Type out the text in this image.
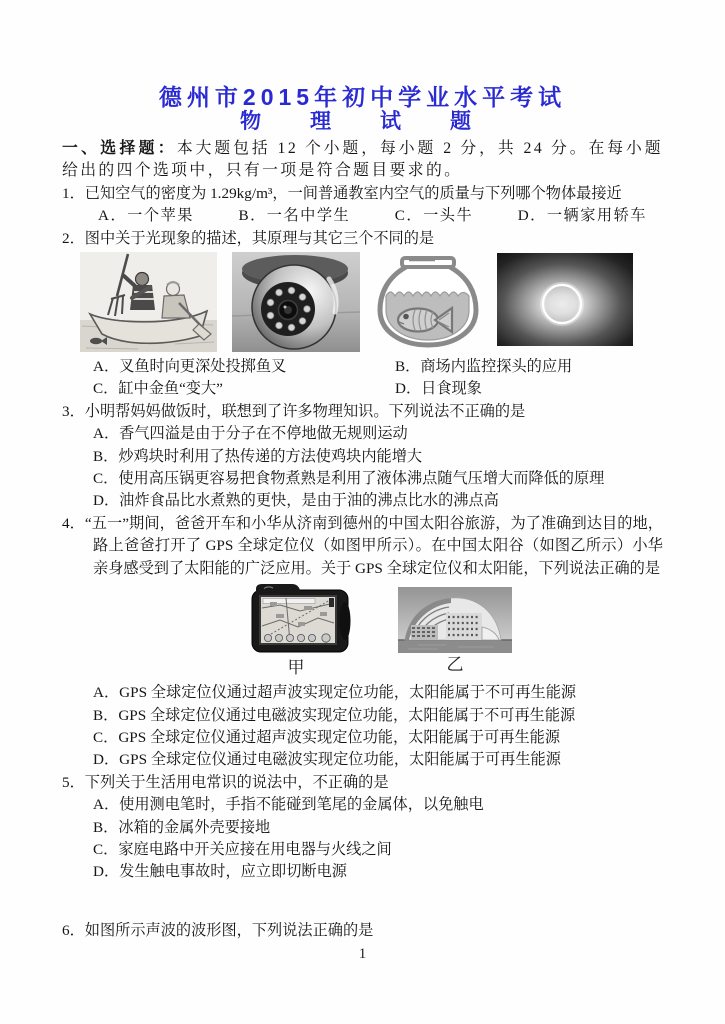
德州市2015年初中学业水平考试
物　理　试　题

一、选择题：本大题包括 12 个小题，每小题 2 分，共 24 分。在每小题给出的四个选项中，只有一项是符合题目要求的。

1．已知空气的密度为 1.29kg/m³，一间普通教室内空气的质量与下列哪个物体最接近

A．一个苹果	B．一名中学生	C．一头牛	D．一辆家用轿车

2．图中关于光现象的描述，其原理与其它三个不同的是

A．叉鱼时向更深处投掷鱼叉	B．商场内监控探头的应用
C．缸中金鱼“变大”	D．日食现象

3．小明帮妈妈做饭时，联想到了许多物理知识。下列说法不正确的是

A．香气四溢是由于分子在不停地做无规则运动

B．炒鸡块时利用了热传递的方法使鸡块内能增大

C．使用高压锅更容易把食物煮熟是利用了液体沸点随气压增大而降低的原理

D．油炸食品比水煮熟的更快，是由于油的沸点比水的沸点高

4．“五一”期间，爸爸开车和小华从济南到德州的中国太阳谷旅游，为了准确到达目的地，路上爸爸打开了 GPS 全球定位仪（如图甲所示）。在中国太阳谷（如图乙所示）小华亲身感受到了太阳能的广泛应用。关于 GPS 全球定位仪和太阳能，下列说法正确的是

甲	乙

A．GPS 全球定位仪通过超声波实现定位功能，太阳能属于不可再生能源

B．GPS 全球定位仪通过电磁波实现定位功能，太阳能属于不可再生能源

C．GPS 全球定位仪通过超声波实现定位功能，太阳能属于可再生能源

D．GPS 全球定位仪通过电磁波实现定位功能，太阳能属于可再生能源

5．下列关于生活用电常识的说法中，不正确的是

A．使用测电笔时，手指不能碰到笔尾的金属体，以免触电

B．冰箱的金属外壳要接地

C．家庭电路中开关应接在用电器与火线之间

D．发生触电事故时，应立即切断电源

6．如图所示声波的波形图，下列说法正确的是

1
